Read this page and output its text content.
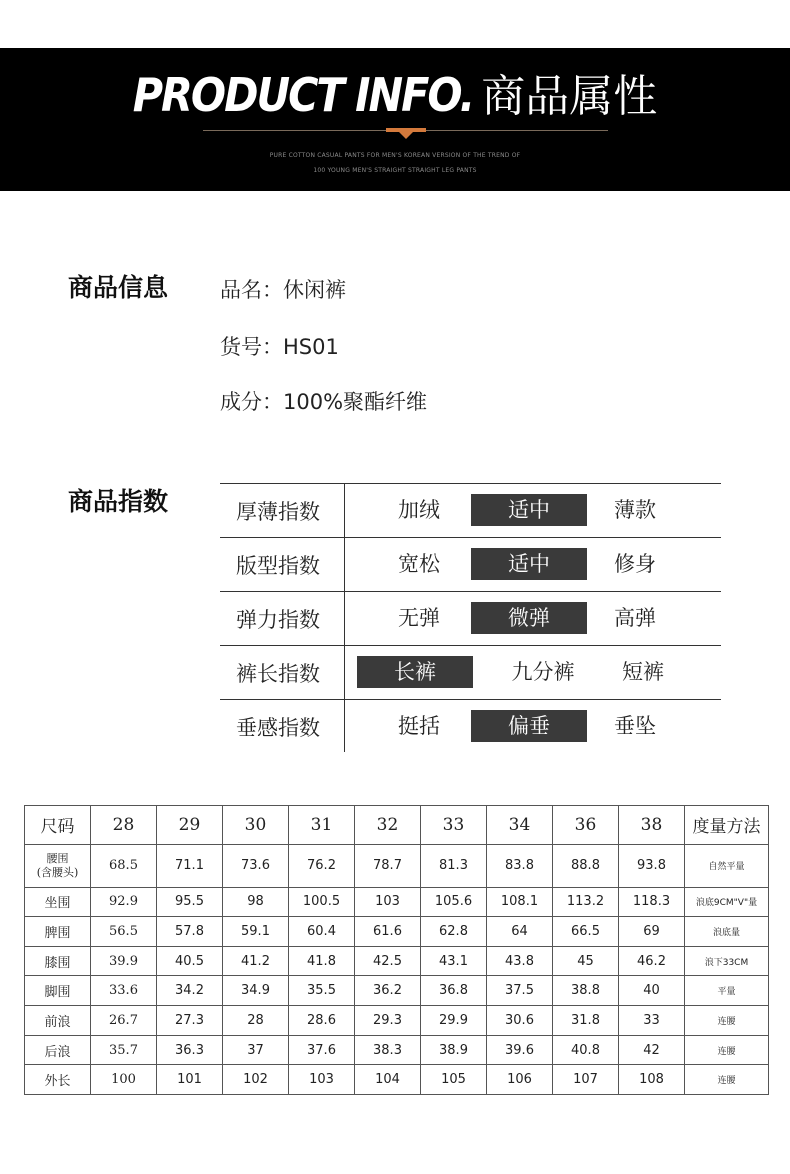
PRODUCT INFO. 商品属性
PURE COTTON CASUAL PANTS FOR MEN'S KOREAN VERSION OF THE TREND OF
100 YOUNG MEN'S STRAIGHT STRAIGHT LEG PANTS
商品信息 品名：休闲裤
货号：HS01
成分：100%聚酯纤维
商品指数	厚薄指数	加绒	适中	薄款
版型指数	宽松	适中	修身
弹力指数	无弹	微弹	高弹
裤长指数	长裤	九分裤	短裤
垂感指数	挺括	偏垂	垂坠
尺码	28	29	30	31	32	33	34	36	38	度量方法

腰围
(含腰头)	68.5	71.1	73.6	76.2	78.7	81.3	83.8	88.8	93.8	自然平量
坐围	92.9	95.5	98	100.5	103	105.6	108.1	113.2	118.3	浪底9CM"V"量
脾围	56.5	57.8	59.1	60.4	61.6	62.8	64	66.5	69	浪底量
膝围	39.9	40.5	41.2	41.8	42.5	43.1	43.8	45	46.2	浪下33CM
脚围	33.6	34.2	34.9	35.5	36.2	36.8	37.5	38.8	40	平量
前浪	26.7	27.3	28	28.6	29.3	29.9	30.6	31.8	33	连腰
后浪	35.7	36.3	37	37.6	38.3	38.9	39.6	40.8	42	连腰
外长	100	101	102	103	104	105	106	107	108	连腰
